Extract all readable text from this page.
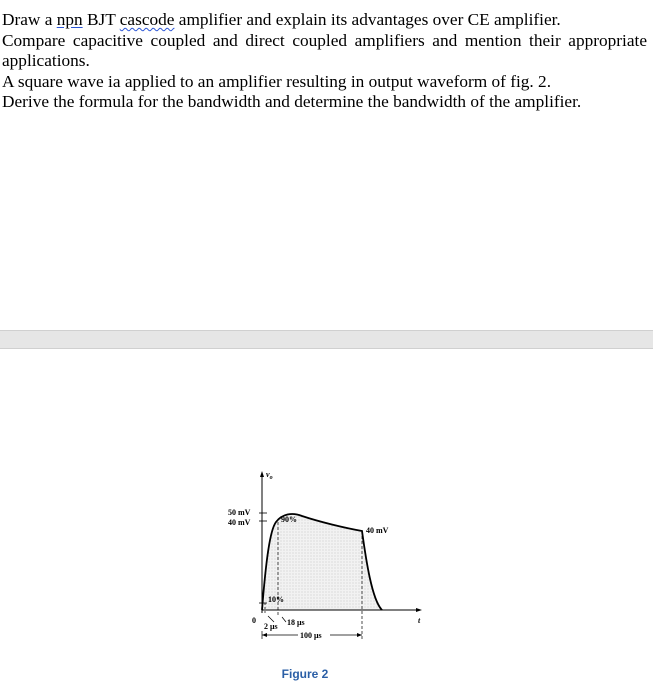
Draw a npn BJT cascode amplifier and explain its advantages over CE amplifier.

Compare capacitive coupled and direct coupled amplifiers and mention their appropriate applications.

A square wave ia applied to an amplifier resulting in output waveform of fig. 2.

Derive the formula for the bandwidth and determine the bandwidth of the amplifier.

$v_o$
50 mV
40 mV	90%
40 mV
10%
0
2 μs 18 μs
100 μs
t
Figure 2
